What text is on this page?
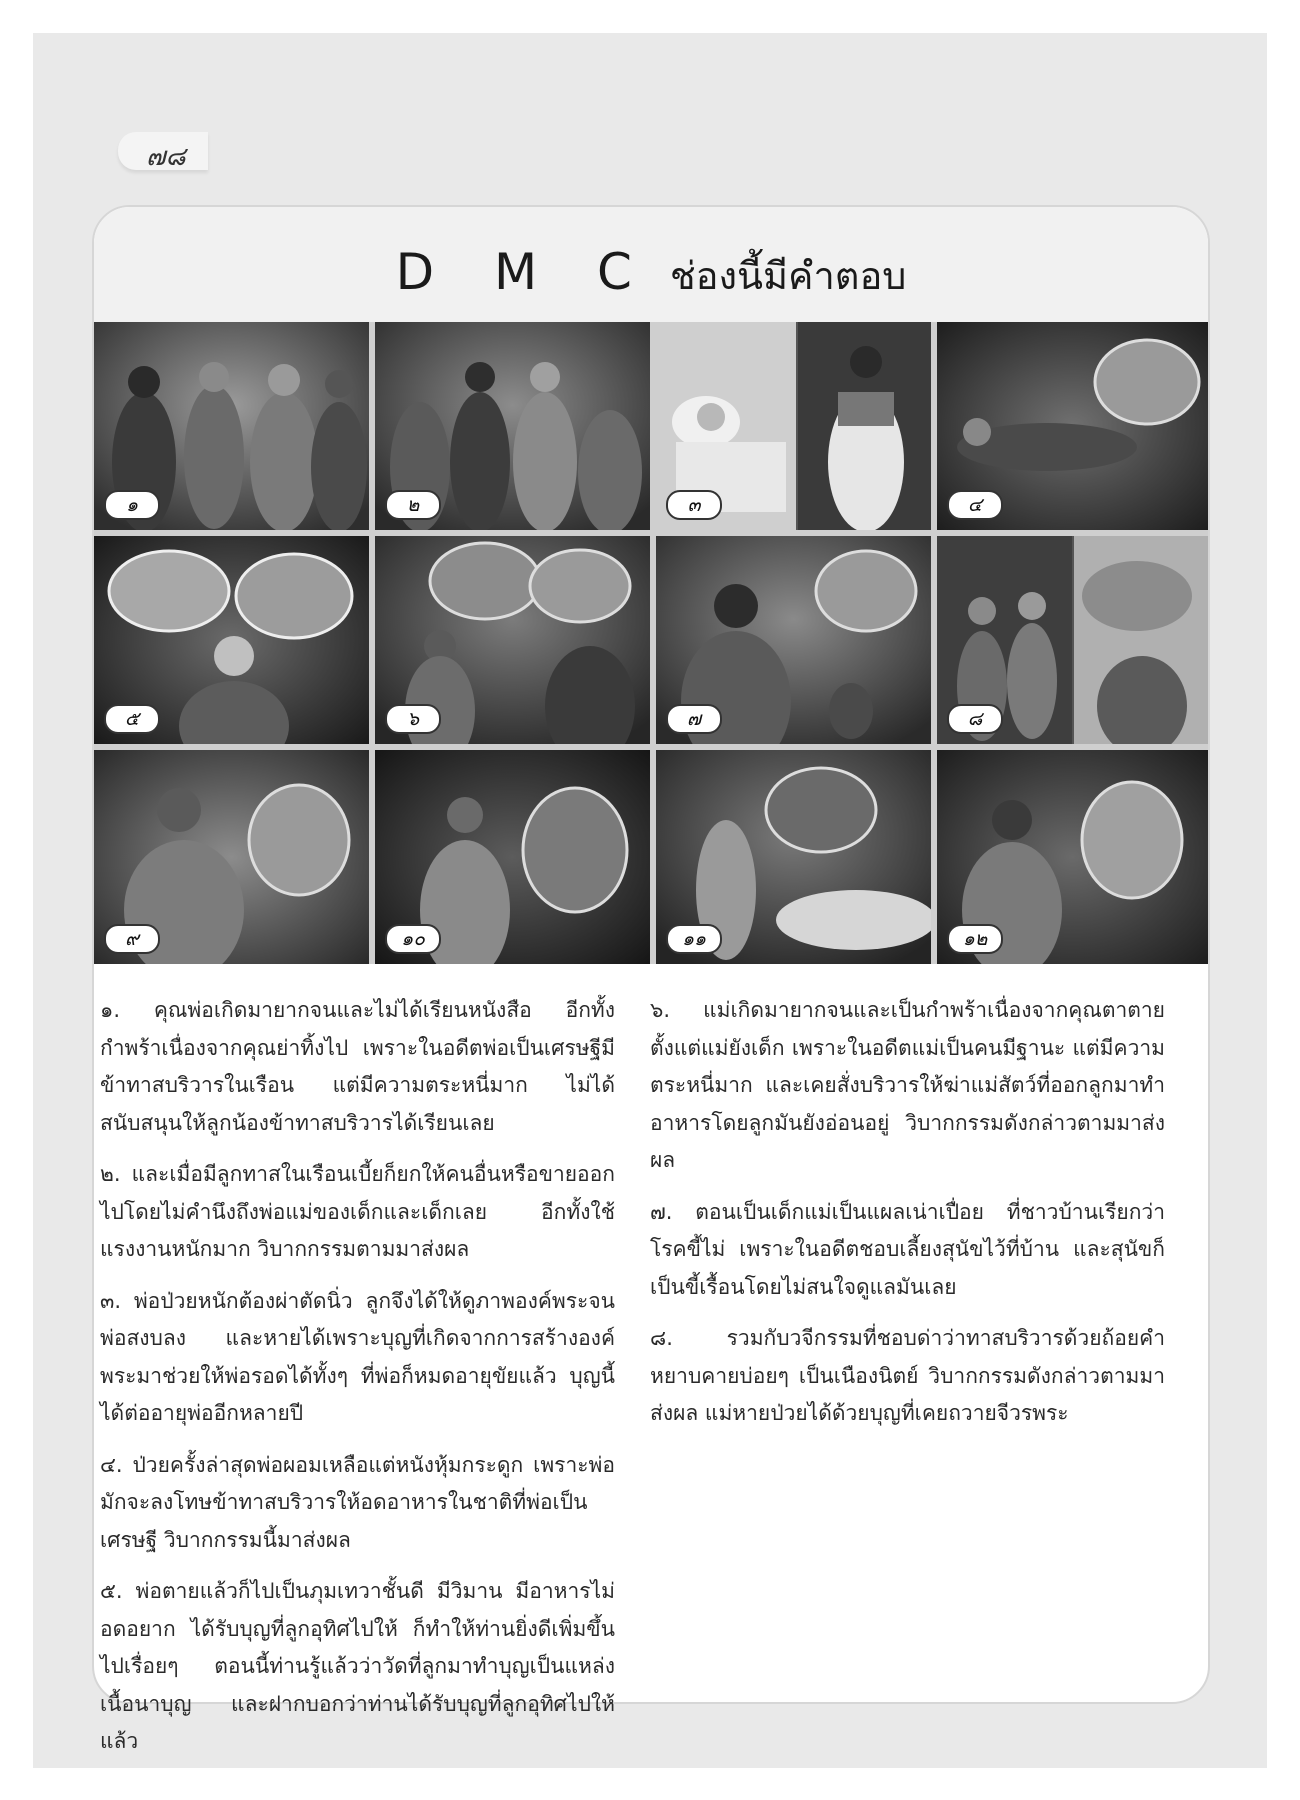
๗๘
D M C ช่องนี้มีคำตอบ
๑	๒	๓	๔
๕	๖	๗	๘
๙	๑๐	๑๑	๑๒

๑. คุณพ่อเกิดมายากจนและไม่ได้เรียนหนังสือ อีกทั้งกำพร้าเนื่องจากคุณย่าทิ้งไป เพราะในอดีตพ่อเป็นเศรษฐีมีข้าทาสบริวารในเรือน แต่มีความตระหนี่มาก ไม่ได้สนับสนุนให้ลูกน้องข้าทาสบริวารได้เรียนเลย

๒. และเมื่อมีลูกทาสในเรือนเบี้ยก็ยกให้คนอื่นหรือขายออกไปโดยไม่คำนึงถึงพ่อแม่ของเด็กและเด็กเลย อีกทั้งใช้แรงงานหนักมาก วิบากกรรมตามมาส่งผล

๓. พ่อป่วยหนักต้องผ่าตัดนิ่ว ลูกจึงได้ให้ดูภาพองค์พระจนพ่อสงบลง และหายได้เพราะบุญที่เกิดจากการสร้างองค์พระมาช่วยให้พ่อรอดได้ทั้งๆ ที่พ่อก็หมดอายุขัยแล้ว บุญนี้ได้ต่ออายุพ่ออีกหลายปี

๔. ป่วยครั้งล่าสุดพ่อผอมเหลือแต่หนังหุ้มกระดูก เพราะพ่อมักจะลงโทษข้าทาสบริวารให้อดอาหารในชาติที่พ่อเป็นเศรษฐี วิบากกรรมนี้มาส่งผล

๕. พ่อตายแล้วก็ไปเป็นภุมเทวาชั้นดี มีวิมาน มีอาหารไม่อดอยาก ได้รับบุญที่ลูกอุทิศไปให้ ก็ทำให้ท่านยิ่งดีเพิ่มขึ้นไปเรื่อยๆ ตอนนี้ท่านรู้แล้วว่าวัดที่ลูกมาทำบุญเป็นแหล่งเนื้อนาบุญ และฝากบอกว่าท่านได้รับบุญที่ลูกอุทิศไปให้แล้ว

๖. แม่เกิดมายากจนและเป็นกำพร้าเนื่องจากคุณตาตายตั้งแต่แม่ยังเด็ก เพราะในอดีตแม่เป็นคนมีฐานะ แต่มีความตระหนี่มาก และเคยสั่งบริวารให้ฆ่าแม่สัตว์ที่ออกลูกมาทำอาหารโดยลูกมันยังอ่อนอยู่ วิบากกรรมดังกล่าวตามมาส่งผล

๗. ตอนเป็นเด็กแม่เป็นแผลเน่าเปื่อย ที่ชาวบ้านเรียกว่าโรคขี้ไม่ เพราะในอดีตชอบเลี้ยงสุนัขไว้ที่บ้าน และสุนัขก็เป็นขี้เรื้อนโดยไม่สนใจดูแลมันเลย

๘. รวมกับวจีกรรมที่ชอบด่าว่าทาสบริวารด้วยถ้อยคำหยาบคายบ่อยๆ เป็นเนืองนิตย์ วิบากกรรมดังกล่าวตามมาส่งผล แม่หายป่วยได้ด้วยบุญที่เคยถวายจีวรพระ
